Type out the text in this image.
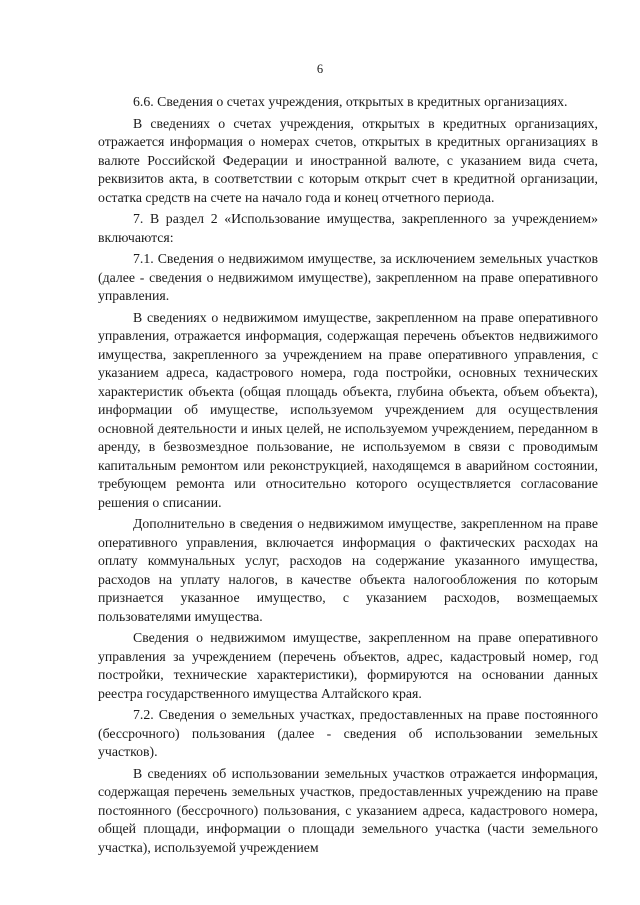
6

6.6. Сведения о счетах учреждения, открытых в кредитных организациях.

В сведениях о счетах учреждения, открытых в кредитных организациях, отражается информация о номерах счетов, открытых в кредитных организациях в валюте Российской Федерации и иностранной валюте, с указанием вида счета, реквизитов акта, в соответствии с которым открыт счет в кредитной организации, остатка средств на счете на начало года и конец отчетного периода.

7. В раздел 2 «Использование имущества, закрепленного за учреждением» включаются:

7.1. Сведения о недвижимом имуществе, за исключением земельных участков (далее - сведения о недвижимом имуществе), закрепленном на праве оперативного управления.

В сведениях о недвижимом имуществе, закрепленном на праве оперативного управления, отражается информация, содержащая перечень объектов недвижимого имущества, закрепленного за учреждением на праве оперативного управления, с указанием адреса, кадастрового номера, года постройки, основных технических характеристик объекта (общая площадь объекта, глубина объекта, объем объекта), информации об имуществе, используемом учреждением для осуществления основной деятельности и иных целей, не используемом учреждением, переданном в аренду, в безвозмездное пользование, не используемом в связи с проводимым капитальным ремонтом или реконструкцией, находящемся в аварийном состоянии, требующем ремонта или относительно которого осуществляется согласование решения о списании.

Дополнительно в сведения о недвижимом имуществе, закрепленном на праве оперативного управления, включается информация о фактических расходах на оплату коммунальных услуг, расходов на содержание указанного имущества, расходов на уплату налогов, в качестве объекта налогообложения по которым признается указанное имущество, с указанием расходов, возмещаемых пользователями имущества.

Сведения о недвижимом имуществе, закрепленном на праве оперативного управления за учреждением (перечень объектов, адрес, кадастровый номер, год постройки, технические характеристики), формируются на основании данных реестра государственного имущества Алтайского края.

7.2. Сведения о земельных участках, предоставленных на праве постоянного (бессрочного) пользования (далее - сведения об использовании земельных участков).

В сведениях об использовании земельных участков отражается информация, содержащая перечень земельных участков, предоставленных учреждению на праве постоянного (бессрочного) пользования, с указанием адреса, кадастрового номера, общей площади, информации о площади земельного участка (части земельного участка), используемой учреждением
